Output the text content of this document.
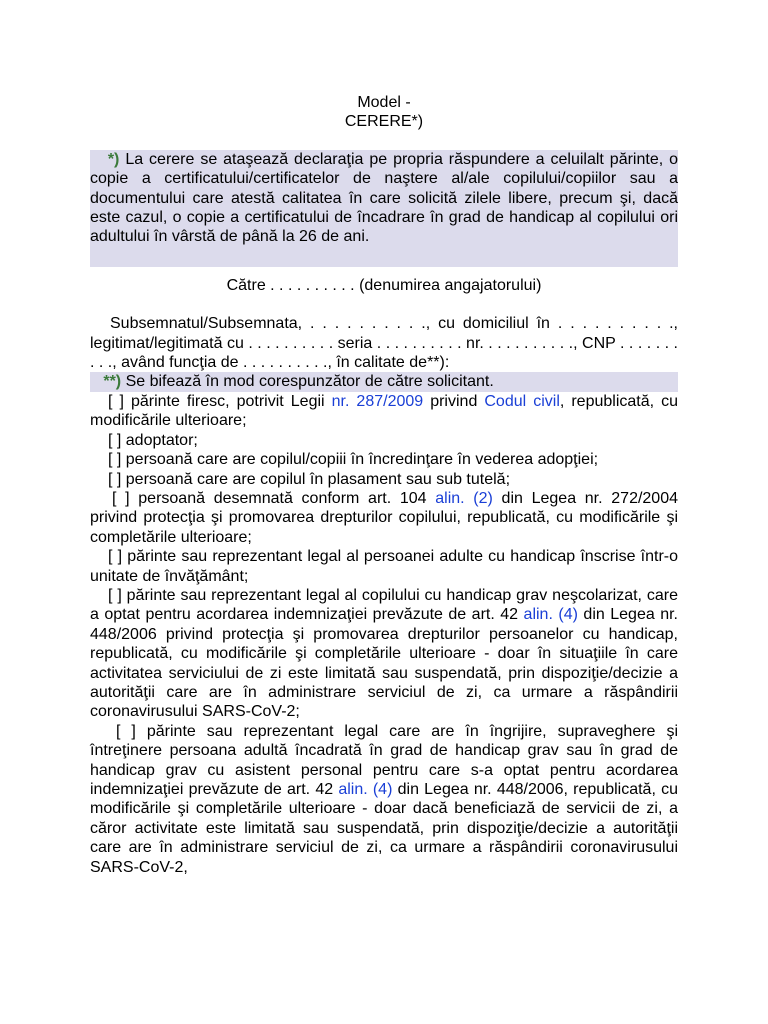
Model -
CERERE*)
*) La cerere se ataşează declaraţia pe propria răspundere a celuilalt părinte, o copie a certificatului/certificatelor de naştere al/ale copilului/copiilor sau a documentului care atestă calitatea în care solicită zilele libere, precum şi, dacă este cazul, o copie a certificatului de încadrare în grad de handicap al copilului ori adultului în vârstă de până la 26 de ani.
Către . . . . . . . . . . (denumirea angajatorului)
Subsemnatul/Subsemnata, . . . . . . . . . ., cu domiciliul în . . . . . . . . . ., legitimat/legitimată cu . . . . . . . . . . seria . . . . . . . . . . nr. . . . . . . . . . ., CNP . . . . . . . . . ., având funcţia de . . . . . . . . . ., în calitate de**):
**) Se bifează în mod corespunzător de către solicitant.
[ ] părinte firesc, potrivit Legii nr. 287/2009 privind Codul civil, republicată, cu modificările ulterioare;
[ ] adoptator;
[ ] persoană care are copilul/copiii în încredinţare în vederea adopţiei;
[ ] persoană care are copilul în plasament sau sub tutelă;
[ ] persoană desemnată conform art. 104 alin. (2) din Legea nr. 272/2004 privind protecţia şi promovarea drepturilor copilului, republicată, cu modificările şi completările ulterioare;
[ ] părinte sau reprezentant legal al persoanei adulte cu handicap înscrise într-o unitate de învăţământ;
[ ] părinte sau reprezentant legal al copilului cu handicap grav neşcolarizat, care a optat pentru acordarea indemnizaţiei prevăzute de art. 42 alin. (4) din Legea nr. 448/2006 privind protecţia şi promovarea drepturilor persoanelor cu handicap, republicată, cu modificările şi completările ulterioare - doar în situaţiile în care activitatea serviciului de zi este limitată sau suspendată, prin dispoziţie/decizie a autorităţii care are în administrare serviciul de zi, ca urmare a răspândirii coronavirusului SARS-CoV-2;
[ ] părinte sau reprezentant legal care are în îngrijire, supraveghere şi întreţinere persoana adultă încadrată în grad de handicap grav sau în grad de handicap grav cu asistent personal pentru care s-a optat pentru acordarea indemnizaţiei prevăzute de art. 42 alin. (4) din Legea nr. 448/2006, republicată, cu modificările şi completările ulterioare - doar dacă beneficiază de servicii de zi, a căror activitate este limitată sau suspendată, prin dispoziţie/decizie a autorităţii care are în administrare serviciul de zi, ca urmare a răspândirii coronavirusului SARS-CoV-2,
